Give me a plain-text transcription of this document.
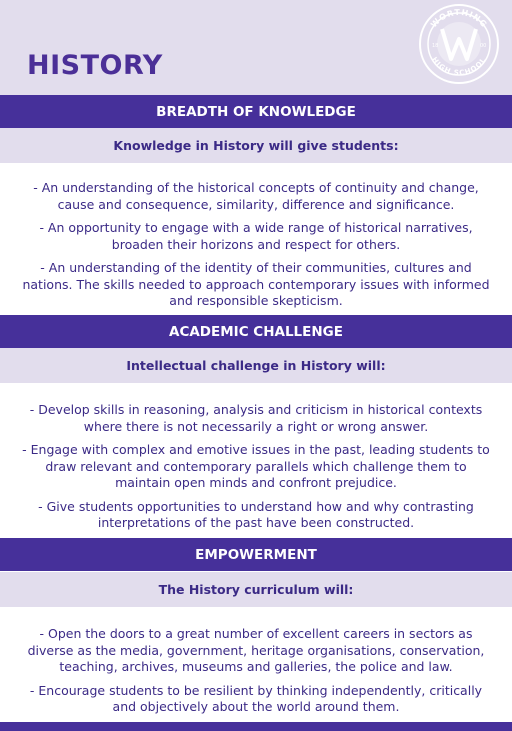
HISTORY
WORTHING
HIGH SCHOOL
18	00
BREADTH OF KNOWLEDGE
Knowledge in History will give students:

- An understanding of the historical concepts of continuity and change, cause and consequence, similarity, difference and significance.

- An opportunity to engage with a wide range of historical narratives, broaden their horizons and respect for others.

- An understanding of the identity of their communities, cultures and nations. The skills needed to approach contemporary issues with informed and responsible skepticism.

ACADEMIC CHALLENGE
Intellectual challenge in History will:

- Develop skills in reasoning, analysis and criticism in historical contexts where there is not necessarily a right or wrong answer.

- Engage with complex and emotive issues in the past, leading students to draw relevant and contemporary parallels which challenge them to maintain open minds and confront prejudice.

- Give students opportunities to understand how and why contrasting interpretations of the past have been constructed.

EMPOWERMENT
The History curriculum will:

- Open the doors to a great number of excellent careers in sectors as diverse as the media, government, heritage organisations, conservation, teaching, archives, museums and galleries, the police and law.

- Encourage students to be resilient by thinking independently, critically and objectively about the world around them.
